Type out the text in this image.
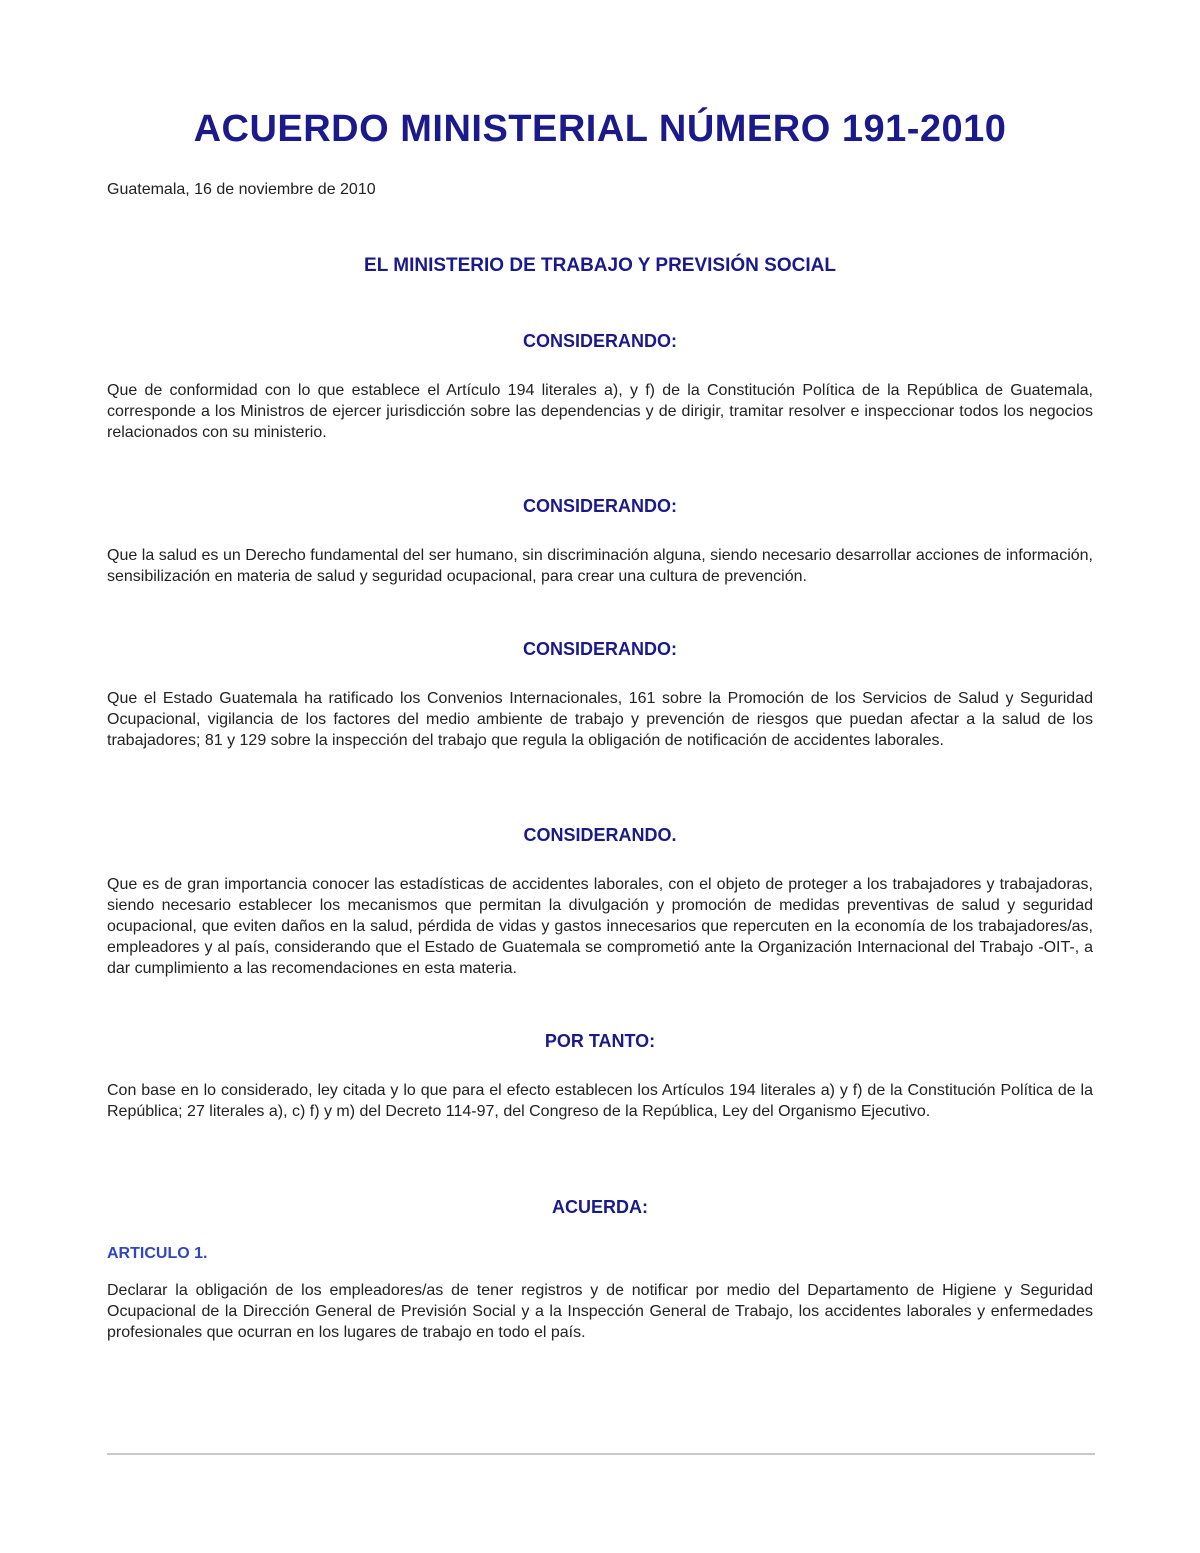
ACUERDO MINISTERIAL NÚMERO 191-2010

Guatemala, 16 de noviembre de 2010

EL MINISTERIO DE TRABAJO Y PREVISIÓN SOCIAL
CONSIDERANDO:

Que de conformidad con lo que establece el Artículo 194 literales a), y f) de la Constitución Política de la República de Guatemala, corresponde a los Ministros de ejercer jurisdicción sobre las dependencias y de dirigir, tramitar resolver e inspeccionar todos los negocios relacionados con su ministerio.

CONSIDERANDO:

Que la salud es un Derecho fundamental del ser humano, sin discriminación alguna, siendo necesario desarrollar acciones de información, sensibilización en materia de salud y seguridad ocupacional, para crear una cultura de prevención.

CONSIDERANDO:

Que el Estado Guatemala ha ratificado los Convenios Internacionales, 161 sobre la Promoción de los Servicios de Salud y Seguridad Ocupacional, vigilancia de los factores del medio ambiente de trabajo y prevención de riesgos que puedan afectar a la salud de los trabajadores; 81 y 129 sobre la inspección del trabajo que regula la obligación de notificación de accidentes laborales.

CONSIDERANDO.

Que es de gran importancia conocer las estadísticas de accidentes laborales, con el objeto de proteger a los trabajadores y trabajadoras, siendo necesario establecer los mecanismos que permitan la divulgación y promoción de medidas preventivas de salud y seguridad ocupacional, que eviten daños en la salud, pérdida de vidas y gastos innecesarios que repercuten en la economía de los trabajadores/as, empleadores y al país, considerando que el Estado de Guatemala se comprometió ante la Organización Internacional del Trabajo -OIT-, a dar cumplimiento a las recomendaciones en esta materia.

POR TANTO:

Con base en lo considerado, ley citada y lo que para el efecto establecen los Artículos 194 literales a) y f) de la Constitución Política de la República; 27 literales a), c) f) y m) del Decreto 114-97, del Congreso de la República, Ley del Organismo Ejecutivo.

ACUERDA:

ARTICULO 1.

Declarar la obligación de los empleadores/as de tener registros y de notificar por medio del Departamento de Higiene y Seguridad Ocupacional de la Dirección General de Previsión Social y a la Inspección General de Trabajo, los accidentes laborales y enfermedades profesionales que ocurran en los lugares de trabajo en todo el país.
